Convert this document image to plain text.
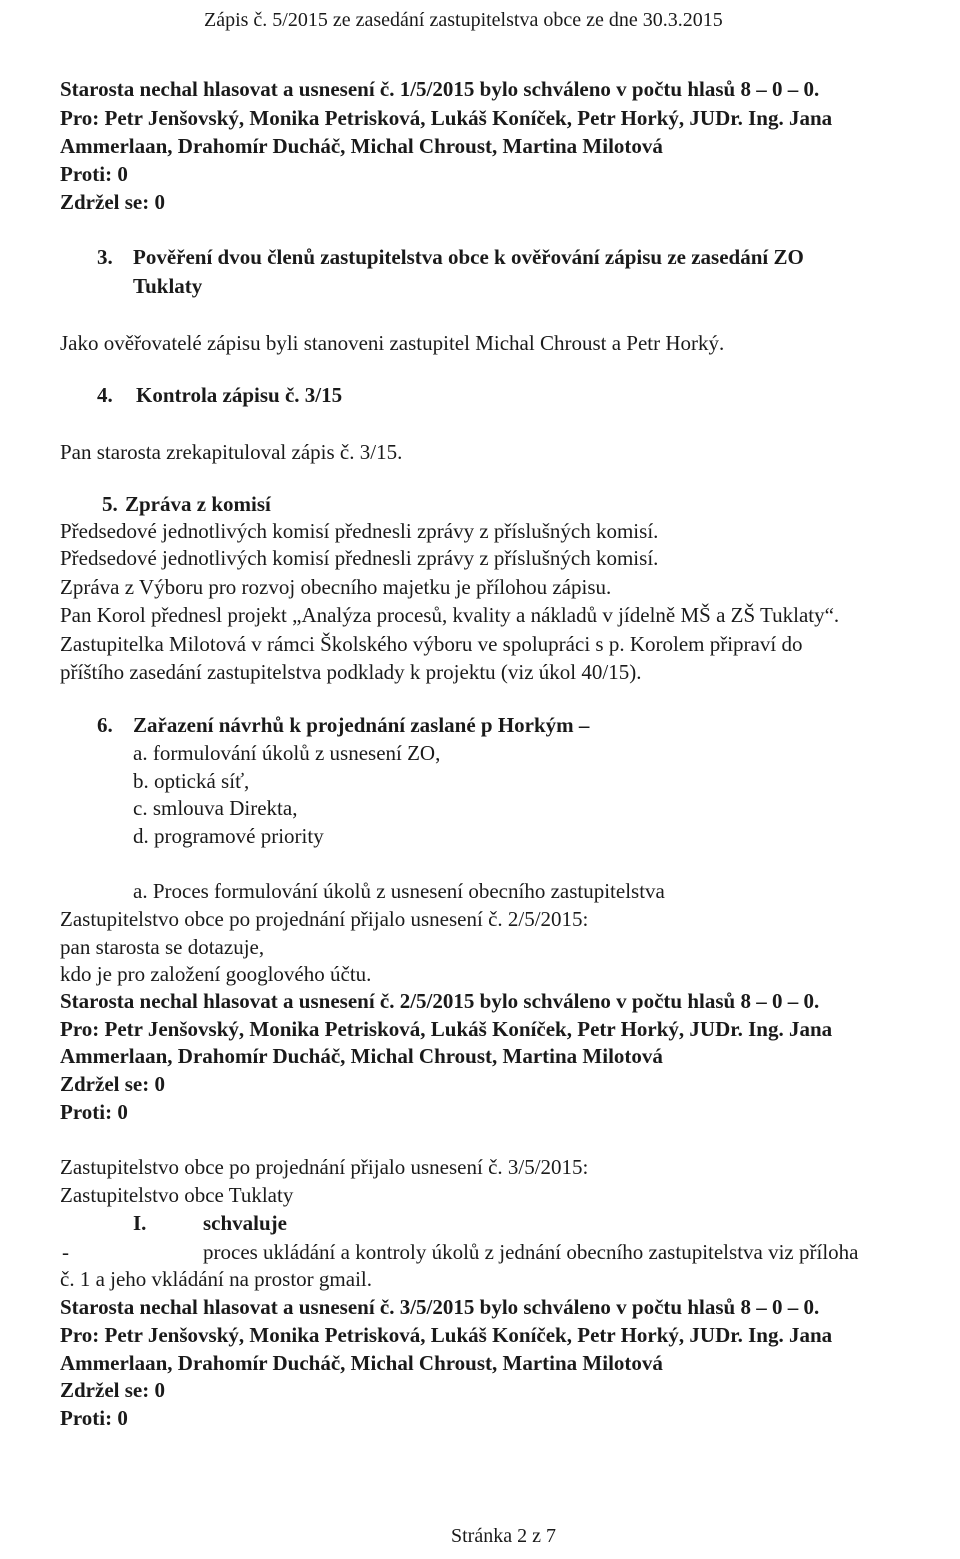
Zápis č. 5/2015 ze zasedání zastupitelstva obce ze dne 30.3.2015
Starosta nechal hlasovat a usnesení č. 1/5/2015 bylo schváleno v počtu hlasů 8 – 0 – 0.
Pro: Petr Jenšovský, Monika Petrisková, Lukáš Koníček, Petr Horký, JUDr. Ing. Jana
Ammerlaan, Drahomír Ducháč, Michal Chroust, Martina Milotová
Proti: 0
Zdržel se: 0
3. Pověření dvou členů zastupitelstva obce k ověřování zápisu ze zasedání ZO
Tuklaty
Jako ověřovatelé zápisu byli stanoveni zastupitel Michal Chroust a Petr Horký.
4. Kontrola zápisu č. 3/15
Pan starosta zrekapituloval zápis č. 3/15.
5. Zpráva z komisí
Předsedové jednotlivých komisí přednesli zprávy z příslušných komisí.
Předsedové jednotlivých komisí přednesli zprávy z příslušných komisí.
Zpráva z Výboru pro rozvoj obecního majetku je přílohou zápisu.
Pan Korol přednesl projekt „Analýza procesů, kvality a nákladů v jídelně MŠ a ZŠ Tuklaty“.
Zastupitelka Milotová v rámci Školského výboru ve spolupráci s p. Korolem připraví do
příštího zasedání zastupitelstva podklady k projektu (viz úkol 40/15).
6. Zařazení návrhů k projednání zaslané p Horkým –
a. formulování úkolů z usnesení ZO,
b. optická síť,
c. smlouva Direkta,
d. programové priority
a. Proces formulování úkolů z usnesení obecního zastupitelstva
Zastupitelstvo obce po projednání přijalo usnesení č. 2/5/2015:
pan starosta se dotazuje,
kdo je pro založení googlového účtu.
Starosta nechal hlasovat a usnesení č. 2/5/2015 bylo schváleno v počtu hlasů 8 – 0 – 0.
Pro: Petr Jenšovský, Monika Petrisková, Lukáš Koníček, Petr Horký, JUDr. Ing. Jana
Ammerlaan, Drahomír Ducháč, Michal Chroust, Martina Milotová
Zdržel se: 0
Proti: 0
Zastupitelstvo obce po projednání přijalo usnesení č. 3/5/2015:
Zastupitelstvo obce Tuklaty
I.	schvaluje
-	proces ukládání a kontroly úkolů z jednání obecního zastupitelstva viz příloha
č. 1 a jeho vkládání na prostor gmail.
Starosta nechal hlasovat a usnesení č. 3/5/2015 bylo schváleno v počtu hlasů 8 – 0 – 0.
Pro: Petr Jenšovský, Monika Petrisková, Lukáš Koníček, Petr Horký, JUDr. Ing. Jana
Ammerlaan, Drahomír Ducháč, Michal Chroust, Martina Milotová
Zdržel se: 0
Proti: 0
Stránka 2 z 7
